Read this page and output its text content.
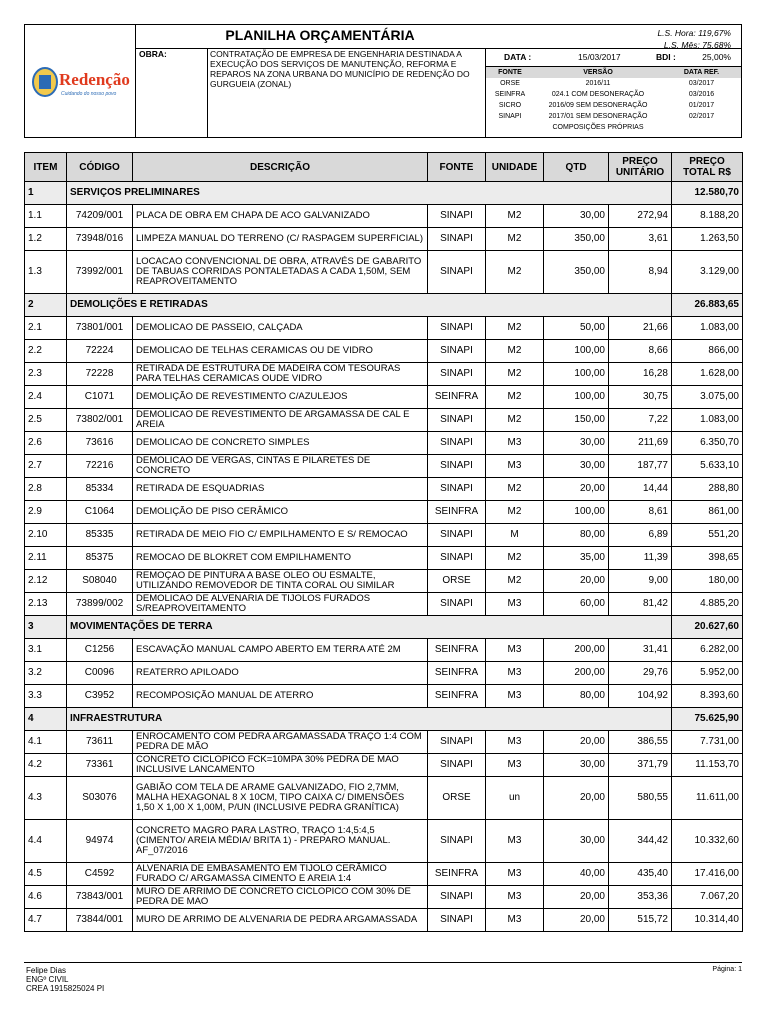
Redenção
Cuidando do nosso povo
PLANILHA ORÇAMENTÁRIA	L.S. Hora: 119,67%
L.S. Mês: 75,68%
OBRA:	CONTRATAÇÃO DE EMPRESA DE ENGENHARIA DESTINADA A EXECUÇÃO DOS SERVIÇOS DE MANUTENÇÃO, REFORMA E REPAROS NA ZONA URBANA DO MUNICÍPIO DE REDENÇÃO DO GURGUEIA (ZONAL)
DATA :	15/03/2017	BDI :	25,00%
FONTE	VERSÃO	DATA REF.
ORSE	2016/11	03/2017
SEINFRA	024.1 COM DESONERAÇÃO	03/2016
SICRO	2016/09 SEM DESONERAÇÃO	01/2017
SINAPI	2017/01 SEM DESONERAÇÃO	02/2017
COMPOSIÇÕES PRÓPRIAS
ITEM	CÓDIGO	DESCRIÇÃO	FONTE	UNIDADE	QTD	PREÇO UNITÁRIO	PREÇO TOTAL R$
1	SERVIÇOS PRELIMINARES						12.580,70
1.1	74209/001	PLACA DE OBRA EM CHAPA DE ACO GALVANIZADO	SINAPI	M2	30,00	272,94	8.188,20
1.2	73948/016	LIMPEZA MANUAL DO TERRENO (C/ RASPAGEM SUPERFICIAL)	SINAPI	M2	350,00	3,61	1.263,50
1.3	73992/001	LOCACAO CONVENCIONAL DE OBRA, ATRAVÉS DE GABARITO DE TABUAS CORRIDAS PONTALETADAS A CADA 1,50M, SEM REAPROVEITAMENTO	SINAPI	M2	350,00	8,94	3.129,00
2	DEMOLIÇÕES E RETIRADAS						26.883,65
2.1	73801/001	DEMOLICAO DE PASSEIO, CALÇADA	SINAPI	M2	50,00	21,66	1.083,00
2.2	72224	DEMOLICAO DE TELHAS CERAMICAS OU DE VIDRO	SINAPI	M2	100,00	8,66	866,00
2.3	72228	RETIRADA DE ESTRUTURA DE MADEIRA COM TESOURAS PARA TELHAS CERAMICAS OUDE VIDRO	SINAPI	M2	100,00	16,28	1.628,00
2.4	C1071	DEMOLIÇÃO DE REVESTIMENTO C/AZULEJOS	SEINFRA	M2	100,00	30,75	3.075,00
2.5	73802/001	DEMOLICAO DE REVESTIMENTO DE ARGAMASSA DE CAL E AREIA	SINAPI	M2	150,00	7,22	1.083,00
2.6	73616	DEMOLICAO DE CONCRETO SIMPLES	SINAPI	M3	30,00	211,69	6.350,70
2.7	72216	DEMOLICAO DE VERGAS, CINTAS E PILARETES DE CONCRETO	SINAPI	M3	30,00	187,77	5.633,10
2.8	85334	RETIRADA DE ESQUADRIAS	SINAPI	M2	20,00	14,44	288,80
2.9	C1064	DEMOLIÇÃO DE PISO CERÂMICO	SEINFRA	M2	100,00	8,61	861,00
2.10	85335	RETIRADA DE MEIO FIO C/ EMPILHAMENTO E S/ REMOCAO	SINAPI	M	80,00	6,89	551,20
2.11	85375	REMOCAO DE BLOKRET COM EMPILHAMENTO	SINAPI	M2	35,00	11,39	398,65
2.12	S08040	REMOÇAO DE PINTURA A BASE OLEO OU ESMALTE, UTILIZANDO REMOVEDOR DE TINTA CORAL OU SIMILAR	ORSE	M2	20,00	9,00	180,00
2.13	73899/002	DEMOLICAO DE ALVENARIA DE TIJOLOS FURADOS S/REAPROVEITAMENTO	SINAPI	M3	60,00	81,42	4.885,20
3	MOVIMENTAÇÕES DE TERRA						20.627,60
3.1	C1256	ESCAVAÇÃO MANUAL CAMPO ABERTO EM TERRA ATÉ 2M	SEINFRA	M3	200,00	31,41	6.282,00
3.2	C0096	REATERRO APILOADO	SEINFRA	M3	200,00	29,76	5.952,00
3.3	C3952	RECOMPOSIÇÃO MANUAL DE ATERRO	SEINFRA	M3	80,00	104,92	8.393,60
4	INFRAESTRUTURA						75.625,90
4.1	73611	ENROCAMENTO COM PEDRA ARGAMASSADA TRAÇO 1:4 COM PEDRA DE MÃO	SINAPI	M3	20,00	386,55	7.731,00
4.2	73361	CONCRETO CICLOPICO FCK=10MPA 30% PEDRA DE MAO INCLUSIVE LANCAMENTO	SINAPI	M3	30,00	371,79	11.153,70
4.3	S03076	GABIÃO COM TELA DE ARAME GALVANIZADO, FIO 2,7MM, MALHA HEXAGONAL 8 X 10CM, TIPO CAIXA C/ DIMENSÕES 1,50 X 1,00 X 1,00M, P/UN (INCLUSIVE PEDRA GRANÍTICA)	ORSE	un	20,00	580,55	11.611,00
4.4	94974	CONCRETO MAGRO PARA LASTRO, TRAÇO 1:4,5:4,5 (CIMENTO/ AREIA MÉDIA/ BRITA 1) - PREPARO MANUAL. AF_07/2016	SINAPI	M3	30,00	344,42	10.332,60
4.5	C4592	ALVENARIA DE EMBASAMENTO EM TIJOLO CERÂMICO FURADO C/ ARGAMASSA CIMENTO E AREIA 1:4	SEINFRA	M3	40,00	435,40	17.416,00
4.6	73843/001	MURO DE ARRIMO DE CONCRETO CICLOPICO COM 30% DE PEDRA DE MAO	SINAPI	M3	20,00	353,36	7.067,20
4.7	73844/001	MURO DE ARRIMO DE ALVENARIA DE PEDRA ARGAMASSADA	SINAPI	M3	20,00	515,72	10.314,40
Felipe Dias
ENGº CIVIL
CREA 1915825024 PI
Página: 1
